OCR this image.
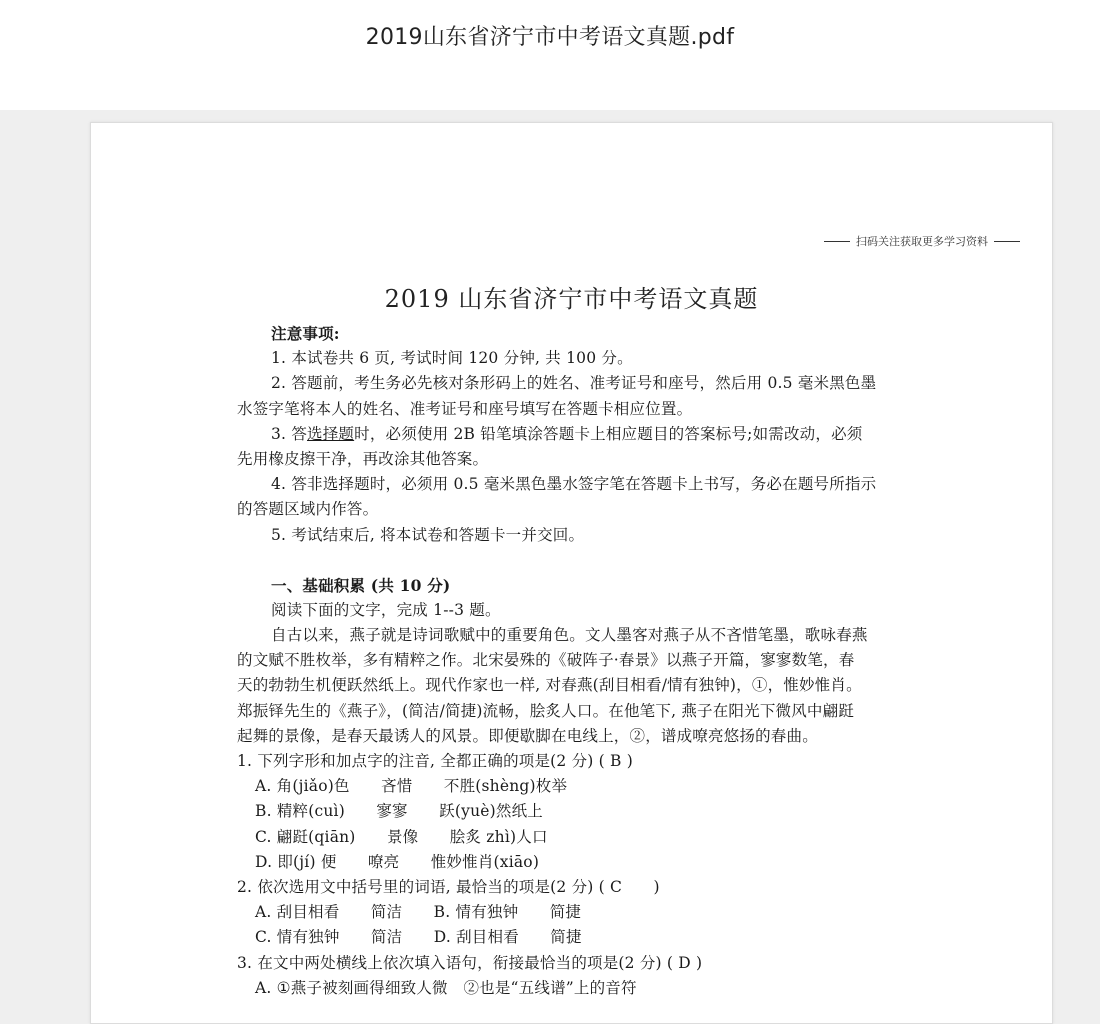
2019山东省济宁市中考语文真题.pdf
扫码关注获取更多学习资料
2019 山东省济宁市中考语文真题
注意事项:
1. 本试卷共 6 页, 考试时间 120 分钟, 共 100 分。
2. 答题前，考生务必先核对条形码上的姓名、准考证号和座号，然后用 0.5 毫米黑色墨
水签字笔将本人的姓名、准考证号和座号填写在答题卡相应位置。
3. 答选择题时，必须使用 2B 铅笔填涂答题卡上相应题目的答案标号;如需改动，必须
先用橡皮擦干净，再改涂其他答案。
4. 答非选择题时，必须用 0.5 毫米黑色墨水签字笔在答题卡上书写，务必在题号所指示
的答题区域内作答。
5. 考试结束后, 将本试卷和答题卡一并交回。
一、基础积累 (共 10 分)
阅读下面的文字，完成 1--3 题。
自古以来，燕子就是诗词歌赋中的重要角色。文人墨客对燕子从不吝惜笔墨，歌咏春燕
的文赋不胜枚举，多有精粹之作。北宋晏殊的《破阵子·春景》以燕子开篇，寥寥数笔，春
天的勃勃生机便跃然纸上。现代作家也一样, 对春燕(刮目相看/情有独钟)，①，惟妙惟肖。
郑振铎先生的《燕子》，(简洁/简捷)流畅，脍炙人口。在他笔下, 燕子在阳光下微风中翩跹
起舞的景像，是春天最诱人的风景。即便歇脚在电线上，②，谱成嘹亮悠扬的春曲。
1. 下列字形和加点字的注音, 全都正确的项是(2 分) ( B )
A. 角(jiǎo)色　　吝惜　　不胜(shèng)枚举
B. 精粹(cuì)　　寥寥　　跃(yuè)然纸上
C. 翩跹(qiān)　　景像　　脍炙 zhì)人口
D. 即(jí) 便　　嘹亮　　惟妙惟肖(xiāo)
2. 依次选用文中括号里的词语, 最恰当的项是(2 分) ( C　　)
A. 刮目相看　　简洁　　B. 情有独钟　　简捷
C. 情有独钟　　简洁　　D. 刮目相看　　简捷
3. 在文中两处横线上依次填入语句，衔接最恰当的项是(2 分) ( D )
A. ①燕子被刻画得细致人微　②也是“五线谱”上的音符
